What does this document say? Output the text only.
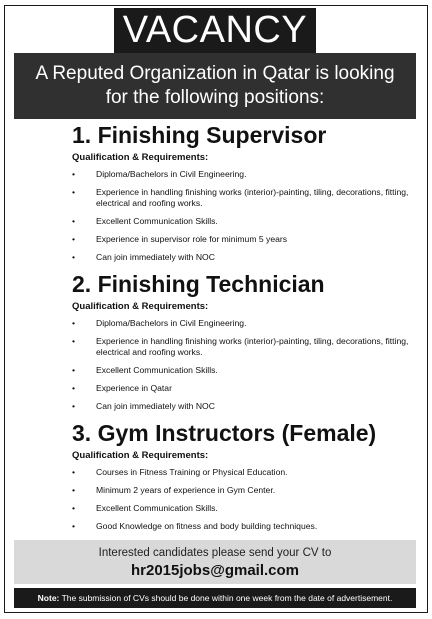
VACANCY
A Reputed Organization in Qatar is looking
for the following positions:
1. Finishing Supervisor
Qualification & Requirements:
• Diploma/Bachelors in Civil Engineering.
• Experience in handling finishing works (interior)-painting, tiling, decorations, fitting, electrical and roofing works.
• Excellent Communication Skills.
• Experience in supervisor role for minimum 5 years
• Can join immediately with NOC
2. Finishing Technician
Qualification & Requirements:
• Diploma/Bachelors in Civil Engineering.
• Experience in handling finishing works (interior)-painting, tiling, decorations, fitting, electrical and roofing works.
• Excellent Communication Skills.
• Experience in Qatar
• Can join immediately with NOC
3. Gym Instructors (Female)
Qualification & Requirements:
• Courses in Fitness Training or Physical Education.
• Minimum 2 years of experience in Gym Center.
• Excellent Communication Skills.
• Good Knowledge on fitness and body building techniques.
Interested candidates please send your CV to
hr2015jobs@gmail.com
Note: The submission of CVs should be done within one week from the date of advertisement.
